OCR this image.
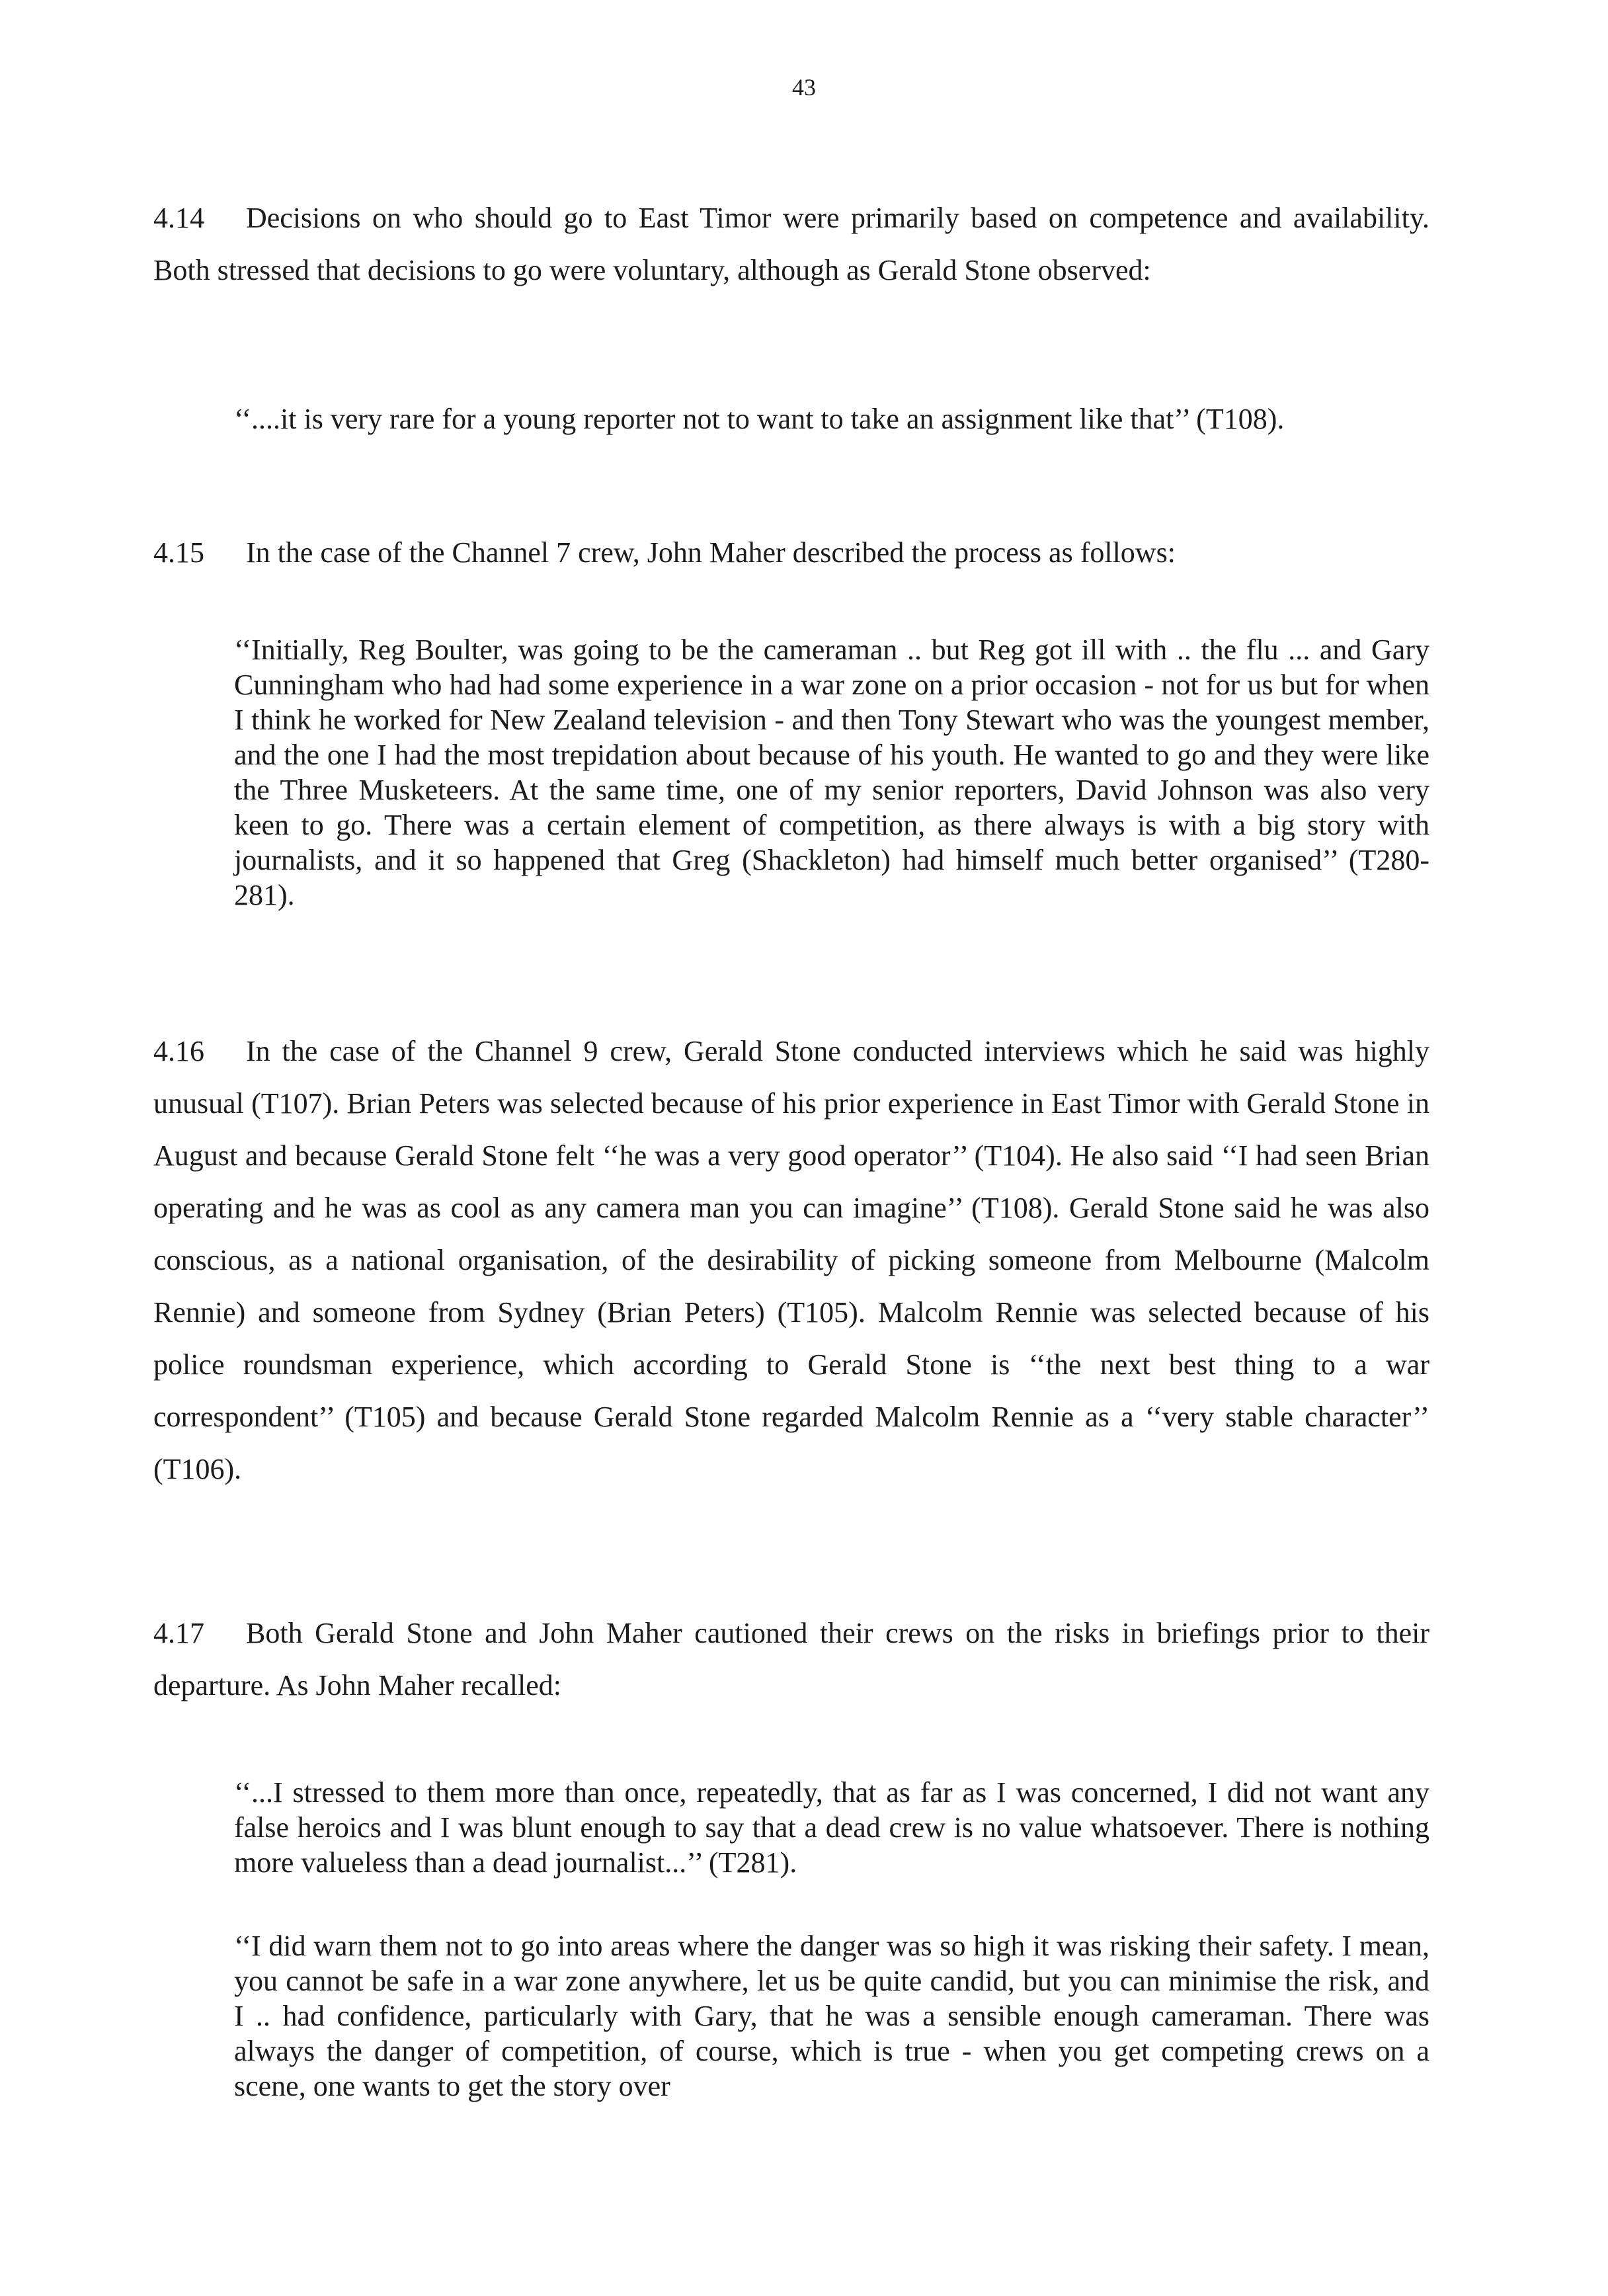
43

4.14 Decisions on who should go to East Timor were primarily based on competence and availability. Both stressed that decisions to go were voluntary, although as Gerald Stone observed:

‘‘....it is very rare for a young reporter not to want to take an assignment like that’’ (T108).

4.15 In the case of the Channel 7 crew, John Maher described the process as follows:

‘‘Initially, Reg Boulter, was going to be the cameraman .. but Reg got ill with .. the flu ... and Gary Cunningham who had had some experience in a war zone on a prior occasion - not for us but for when I think he worked for New Zealand television - and then Tony Stewart who was the youngest member, and the one I had the most trepidation about because of his youth. He wanted to go and they were like the Three Musketeers. At the same time, one of my senior reporters, David Johnson was also very keen to go. There was a certain element of competition, as there always is with a big story with journalists, and it so happened that Greg (Shackleton) had himself much better organised’’ (T280-281).

4.16 In the case of the Channel 9 crew, Gerald Stone conducted interviews which he said was highly unusual (T107). Brian Peters was selected because of his prior experience in East Timor with Gerald Stone in August and because Gerald Stone felt ‘‘he was a very good operator’’ (T104). He also said ‘‘I had seen Brian operating and he was as cool as any camera man you can imagine’’ (T108). Gerald Stone said he was also conscious, as a national organisation, of the desirability of picking someone from Melbourne (Malcolm Rennie) and someone from Sydney (Brian Peters) (T105). Malcolm Rennie was selected because of his police roundsman experience, which according to Gerald Stone is ‘‘the next best thing to a war correspondent’’ (T105) and because Gerald Stone regarded Malcolm Rennie as a ‘‘very stable character’’ (T106).

4.17 Both Gerald Stone and John Maher cautioned their crews on the risks in briefings prior to their departure. As John Maher recalled:

‘‘...I stressed to them more than once, repeatedly, that as far as I was concerned, I did not want any false heroics and I was blunt enough to say that a dead crew is no value whatsoever. There is nothing more valueless than a dead journalist...’’ (T281).

‘‘I did warn them not to go into areas where the danger was so high it was risking their safety. I mean, you cannot be safe in a war zone anywhere, let us be quite candid, but you can minimise the risk, and I .. had confidence, particularly with Gary, that he was a sensible enough cameraman. There was always the danger of competition, of course, which is true - when you get competing crews on a scene, one wants to get the story over
